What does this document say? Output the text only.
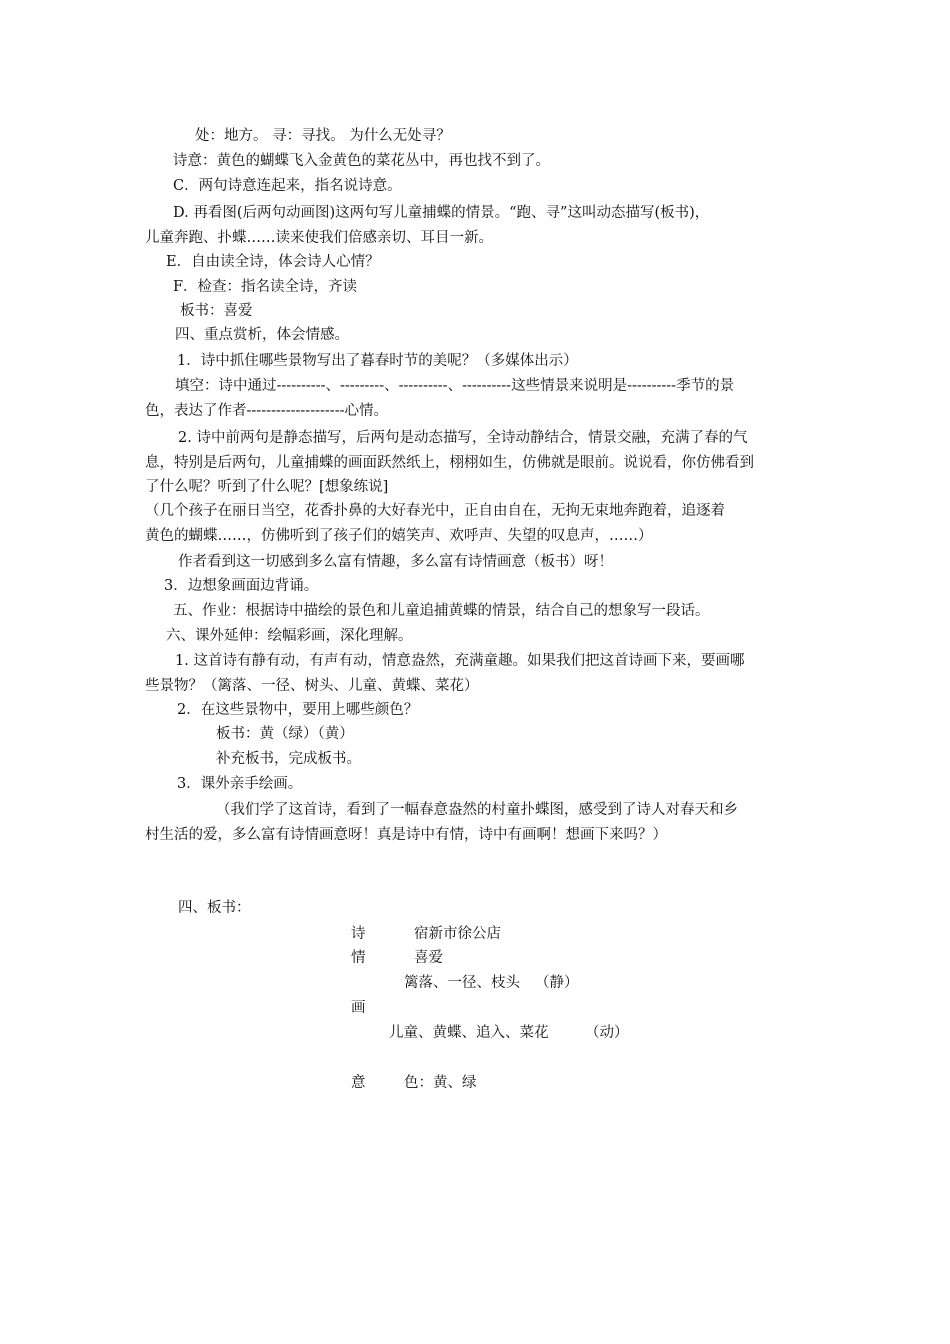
处：地方。 寻：寻找。 为什么无处寻？
诗意：黄色的蝴蝶飞入金黄色的菜花丛中，再也找不到了。
C．两句诗意连起来，指名说诗意。
D. 再看图(后两句动画图)这两句写儿童捕蝶的情景。“跑、寻”这叫动态描写(板书)，
儿童奔跑、扑蝶……读来使我们倍感亲切、耳目一新。
E．自由读全诗，体会诗人心情？
F．检查：指名读全诗，齐读
板书：喜爱
四、重点赏析，体会情感。
1．诗中抓住哪些景物写出了暮春时节的美呢？（多媒体出示）
填空：诗中通过----------、---------、----------、----------这些情景来说明是----------季节的景
色，表达了作者--------------------心情。
2. 诗中前两句是静态描写，后两句是动态描写，全诗动静结合，情景交融，充满了春的气
息，特别是后两句，儿童捕蝶的画面跃然纸上，栩栩如生，仿佛就是眼前。说说看，你仿佛看到
了什么呢？听到了什么呢？[想象练说]
（几个孩子在丽日当空，花香扑鼻的大好春光中，正自由自在，无拘无束地奔跑着，追逐着
黄色的蝴蝶……，仿佛听到了孩子们的嬉笑声、欢呼声、失望的叹息声，……）
作者看到这一切感到多么富有情趣，多么富有诗情画意（板书）呀！
3．边想象画面边背诵。
五、作业：根据诗中描绘的景色和儿童追捕黄蝶的情景，结合自己的想象写一段话。
六、课外延伸：绘幅彩画，深化理解。
1. 这首诗有静有动，有声有动，情意盎然，充满童趣。如果我们把这首诗画下来，要画哪
些景物？（篱落、一径、树头、儿童、黄蝶、菜花）
2．在这些景物中，要用上哪些颜色？
板书：黄（绿）（黄）
补充板书，完成板书。
3．课外亲手绘画。
（我们学了这首诗，看到了一幅春意盎然的村童扑蝶图，感受到了诗人对春天和乡
村生活的爱，多么富有诗情画意呀！真是诗中有情，诗中有画啊！想画下来吗？）
四、板书：
诗	宿新市徐公店
情	喜爱
篱落、一径、枝头 （静）
画
儿童、黄蝶、追入、菜花	（动）
意	色：黄、绿
